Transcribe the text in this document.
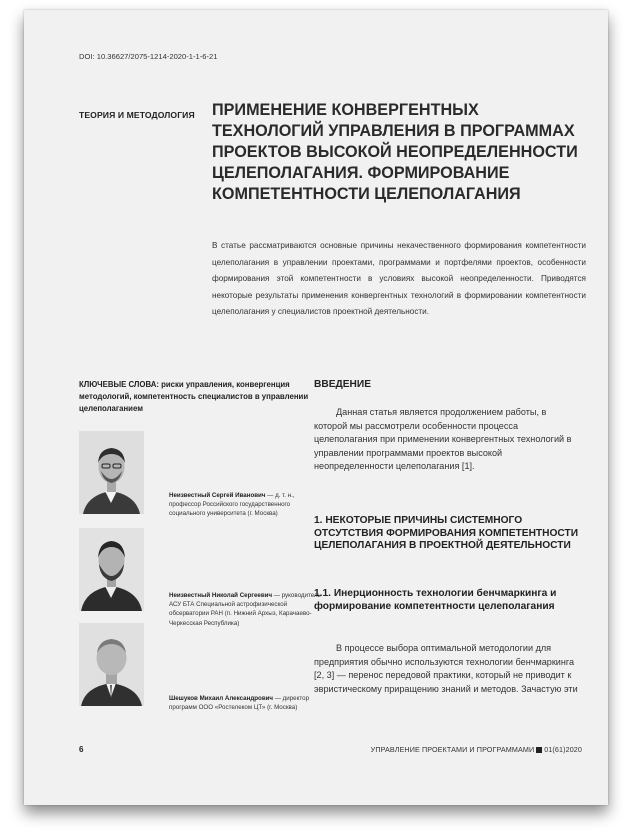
DOI: 10.36627/2075-1214-2020-1-1-6-21
ТЕОРИЯ И МЕТОДОЛОГИЯ ПРИМЕНЕНИЕ КОНВЕРГЕНТНЫХ ТЕХНОЛОГИЙ УПРАВЛЕНИЯ В ПРОГРАММАХ ПРОЕКТОВ ВЫСОКОЙ НЕОПРЕДЕЛЕННОСТИ ЦЕЛЕПОЛАГАНИЯ. ФОРМИРОВАНИЕ КОМПЕТЕНТНОСТИ ЦЕЛЕПОЛАГАНИЯ

В статье рассматриваются основные причины некачественного формирования компетентности целеполагания в управлении проектами, программами и портфелями проектов, особенности формирования этой компетентности в условиях высокой неопределенности. Приводятся некоторые результаты применения конвергентных технологий в формировании компетентности целеполагания у специалистов проектной деятельности.

КЛЮЧЕВЫЕ СЛОВА: риски управления, конвергенция методологий, компетентность специалистов в управлении целеполаганием
Неизвестный Сергей Иванович — д. т. н., профессор Российского государственного социального университета (г. Москва)
Неизвестный Николай Сергеевич — руководитель АСУ БТА Специальной астрофизической обсерватории РАН (п. Нижний Архыз, Карачаево-Черкесская Республика)
Шешуков Михаил Александрович — директор программ ООО «Ростелеком ЦТ» (г. Москва)
ВВЕДЕНИЕ

Данная статья является продолжением работы, в которой мы рассмотрели особенности процесса целеполагания при применении конвергентных технологий в управлении программами проектов высокой неопределенности целеполагания [1].

1. НЕКОТОРЫЕ ПРИЧИНЫ СИСТЕМНОГО ОТСУТСТВИЯ ФОРМИРОВАНИЯ КОМПЕТЕНТНОСТИ ЦЕЛЕПОЛАГАНИЯ В ПРОЕКТНОЙ ДЕЯТЕЛЬНОСТИ
1.1. Инерционность технологии бенчмаркинга и формирование компетентности целеполагания

В процессе выбора оптимальной методологии для предприятия обычно используются технологии бенчмаркинга [2, 3] — перенос передовой практики, который не приводит к эвристическому приращению знаний и методов. Зачастую эти

6	УПРАВЛЕНИЕ ПРОЕКТАМИ И ПРОГРАММАМИ 01(61)2020
